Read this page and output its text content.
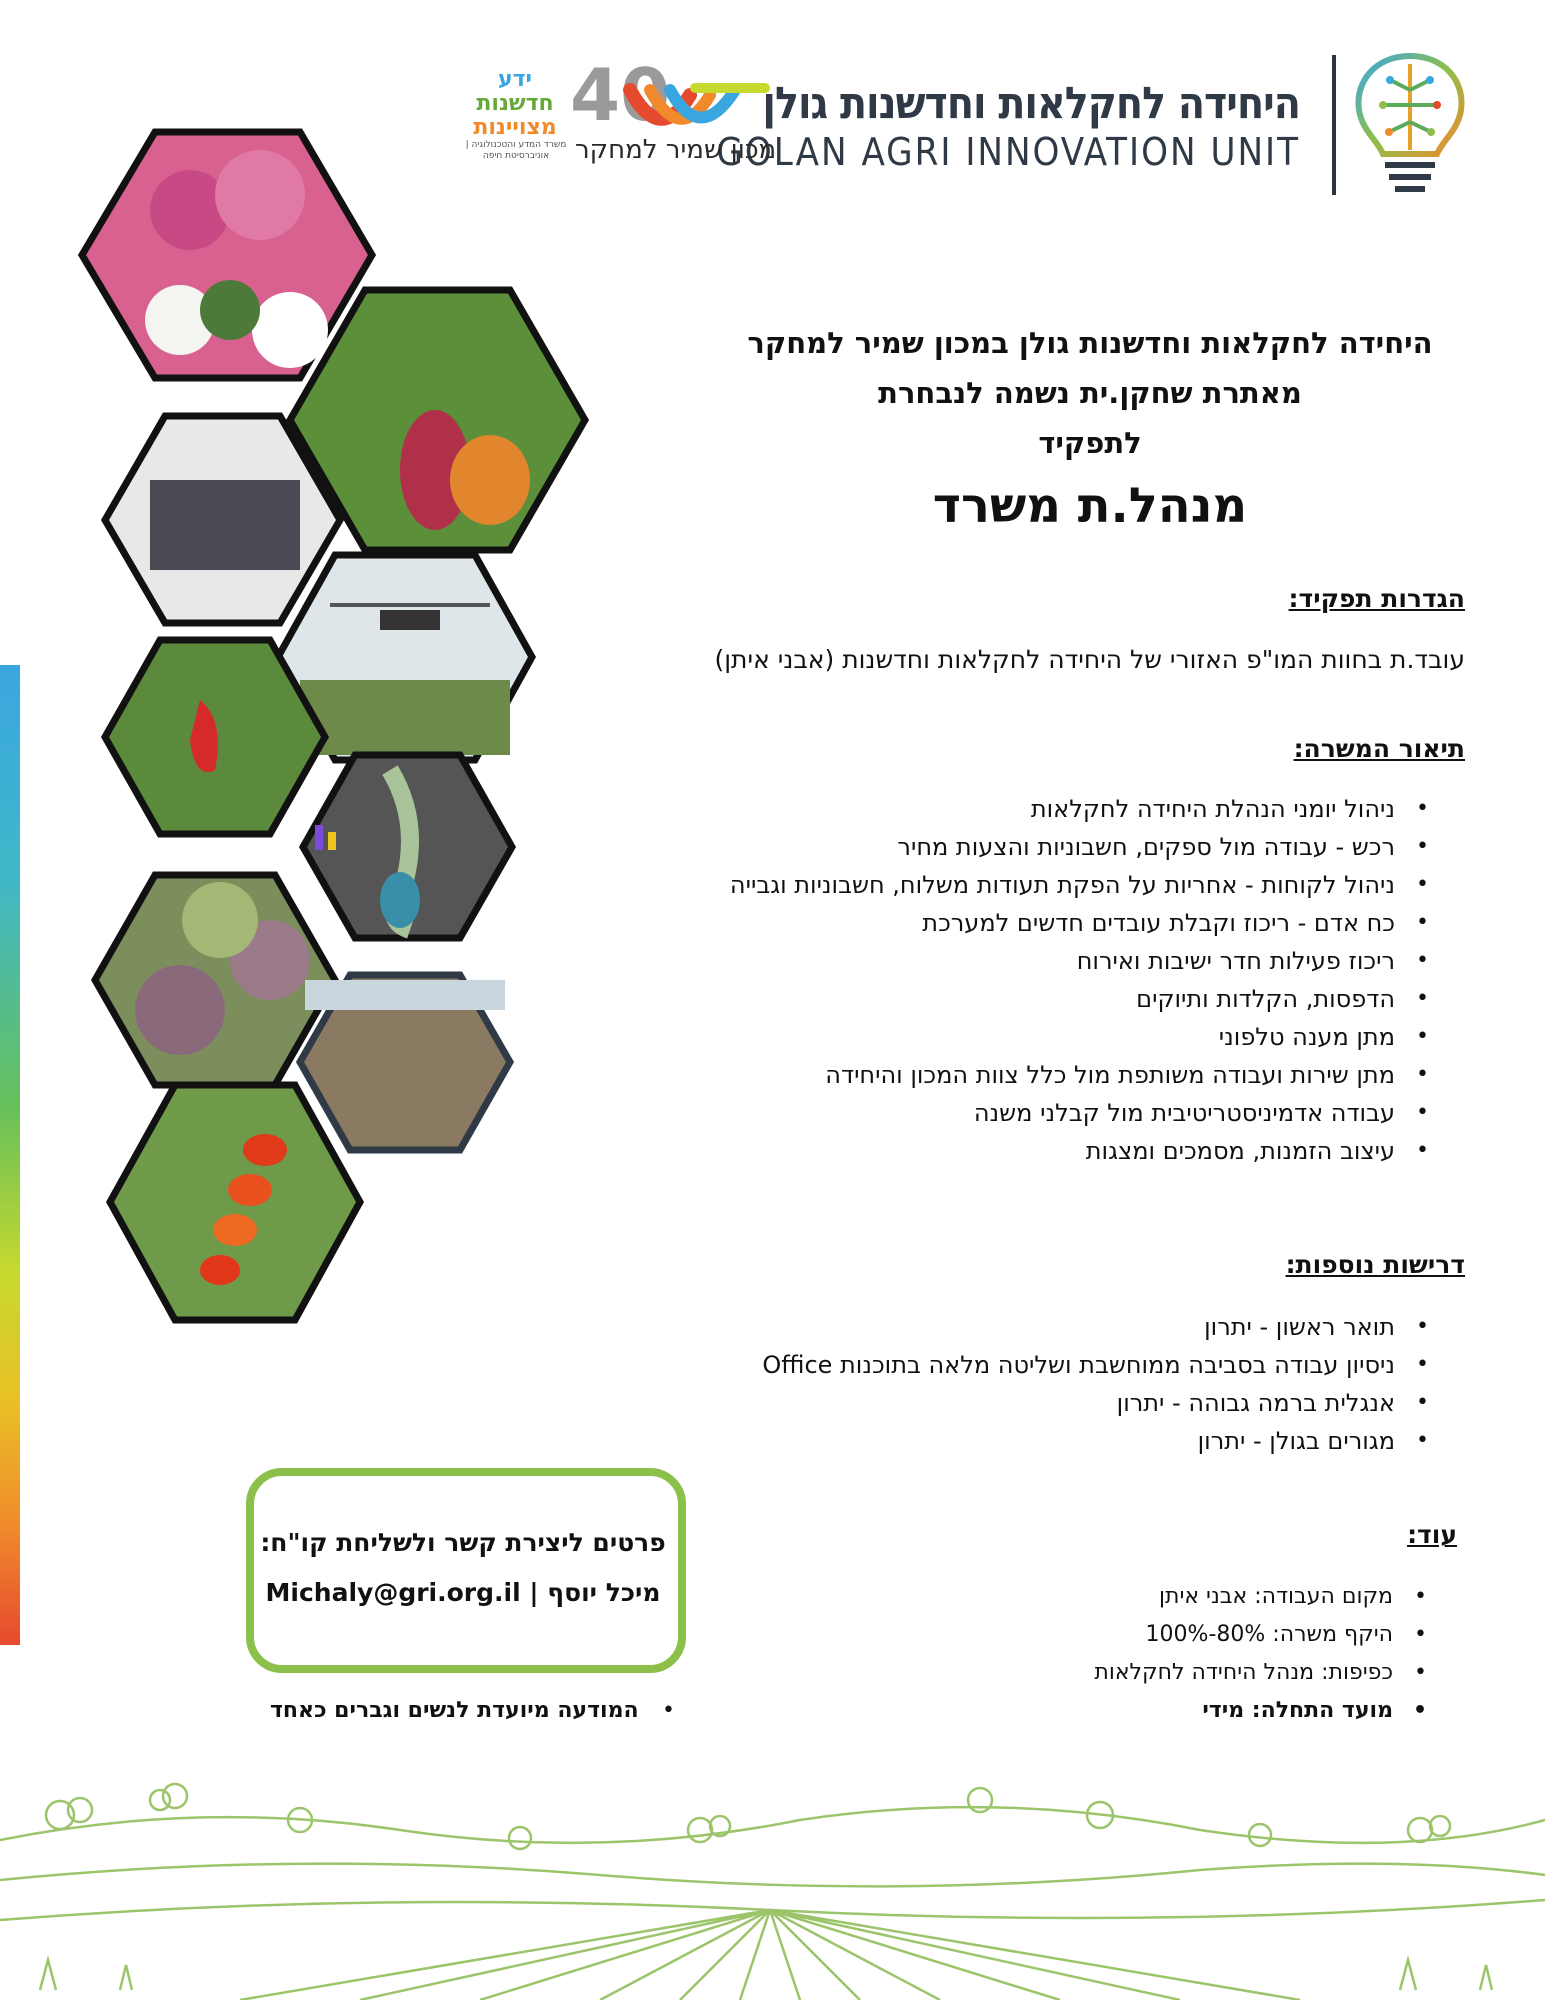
היחידה לחקלאות וחדשנות גולן
GOLAN AGRI INNOVATION UNIT
40
ידע
חדשנות
מצויינות
משרד המדע והטכנולוגיה | אוניברסיטת חיפה מכון שמיר למחקר
היחידה לחקלאות וחדשנות גולן במכון שמיר למחקר
מאתרת שחקן.ית נשמה לנבחרת
לתפקיד
מנהל.ת משרד
הגדרות תפקיד:
עובד.ת בחוות המו"פ האזורי של היחידה לחקלאות וחדשנות (אבני איתן)
תיאור המשרה:
• ניהול יומני הנהלת היחידה לחקלאות
• רכש - עבודה מול ספקים, חשבוניות והצעות מחיר
• ניהול לקוחות - אחריות על הפקת תעודות משלוח, חשבוניות וגבייה
• כח אדם - ריכוז וקבלת עובדים חדשים למערכת
• ריכוז פעילות חדר ישיבות ואירוח
• הדפסות, הקלדות ותיוקים
• מתן מענה טלפוני
• מתן שירות ועבודה משותפת מול כלל צוות המכון והיחידה
• עבודה אדמיניסטריטיבית מול קבלני משנה
• עיצוב הזמנות, מסמכים ומצגות
דרישות נוספות:
• תואר ראשון - יתרון
• ניסיון עבודה בסביבה ממוחשבת ושליטה מלאה בתוכנות Office
• אנגלית ברמה גבוהה - יתרון
• מגורים בגולן - יתרון
עוד:
• מקום העבודה: אבני איתן
• היקף משרה: 80%-100%
• כפיפות: מנהל היחידה לחקלאות
• מועד התחלה: מידי
פרטים ליצירת קשר ולשליחת קו"ח:
מיכל יוסף | Michaly@gri.org.il
המודעה מיועדת לנשים וגברים כאחד •
